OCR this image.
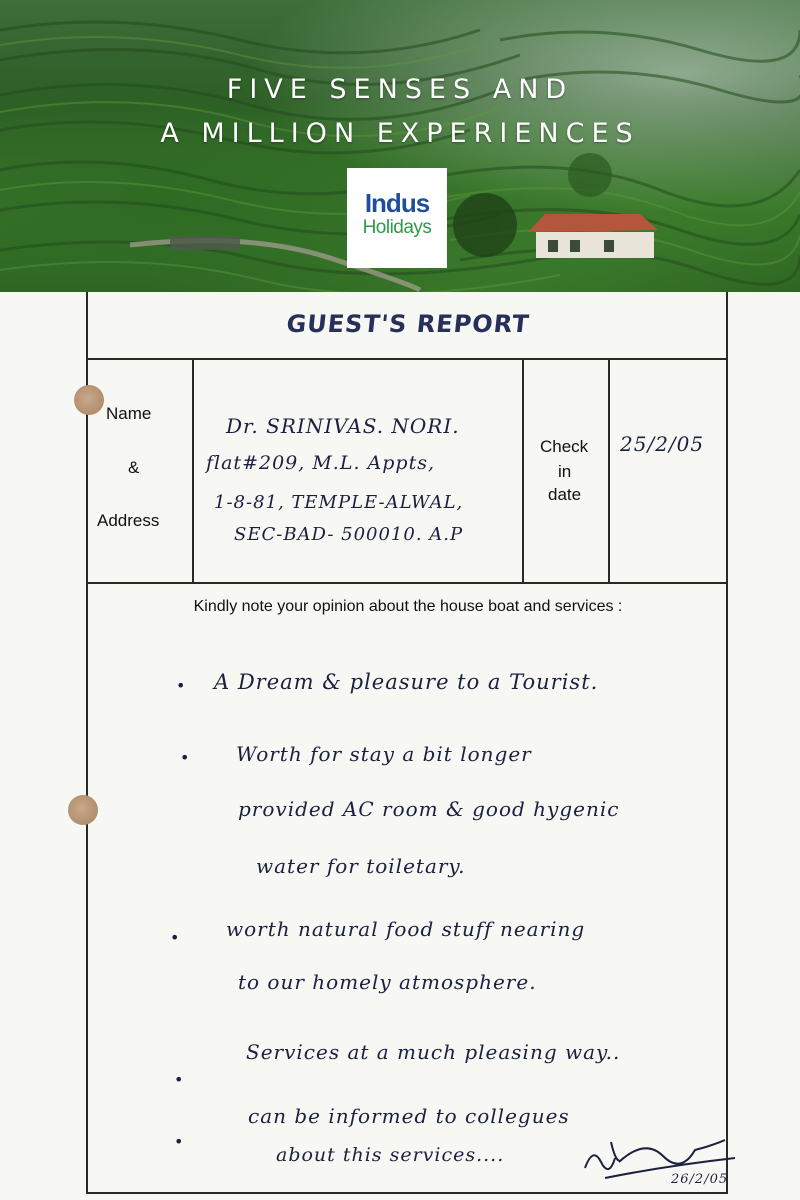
FIVE SENSES AND
A MILLION EXPERIENCES
Indus
Holidays
GUEST'S REPORT
Name
&
Address
Check
in
date
Dr. SRINIVAS. NORI.
flat#209, M.L. Appts,
1-8-81, TEMPLE-ALWAL,
SEC-BAD- 500010. A.P
25/2/05
Kindly note your opinion about the house boat and services :
•
•
•
•
•
A Dream & pleasure to a Tourist.
Worth for stay a bit longer
provided AC room & good hygenic
water for toiletary.
worth natural food stuff nearing
to our homely atmosphere.
Services at a much pleasing way..
can be informed to collegues
about this services....
26/2/05
